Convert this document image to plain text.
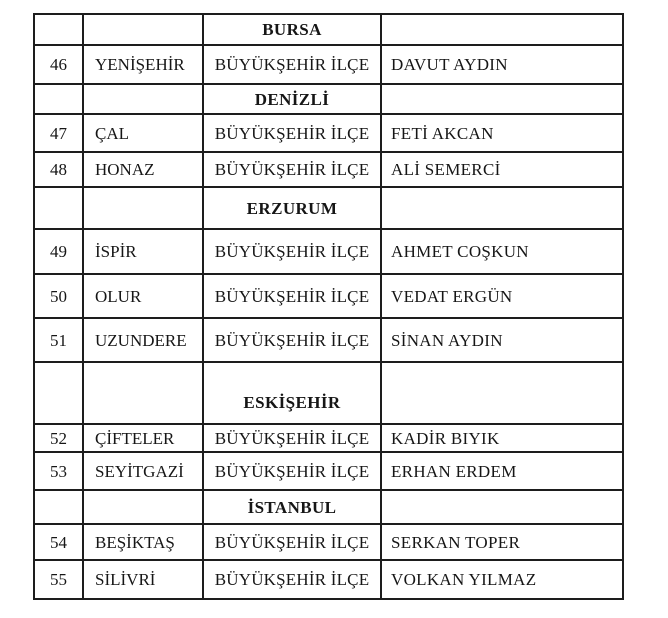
		BURSA	
46	YENİŞEHİR	BÜYÜKŞEHİR İLÇE	DAVUT AYDIN
		DENİZLİ	
47	ÇAL	BÜYÜKŞEHİR İLÇE	FETİ AKCAN
48	HONAZ	BÜYÜKŞEHİR İLÇE	ALİ SEMERCİ
		ERZURUM	
49	İSPİR	BÜYÜKŞEHİR İLÇE	AHMET COŞKUN
50	OLUR	BÜYÜKŞEHİR İLÇE	VEDAT ERGÜN
51	UZUNDERE	BÜYÜKŞEHİR İLÇE	SİNAN AYDIN
		ESKİŞEHİR	
52	ÇİFTELER	BÜYÜKŞEHİR İLÇE	KADİR BIYIK
53	SEYİTGAZİ	BÜYÜKŞEHİR İLÇE	ERHAN ERDEM
		İSTANBUL	
54	BEŞİKTAŞ	BÜYÜKŞEHİR İLÇE	SERKAN TOPER
55	SİLİVRİ	BÜYÜKŞEHİR İLÇE	VOLKAN YILMAZ
